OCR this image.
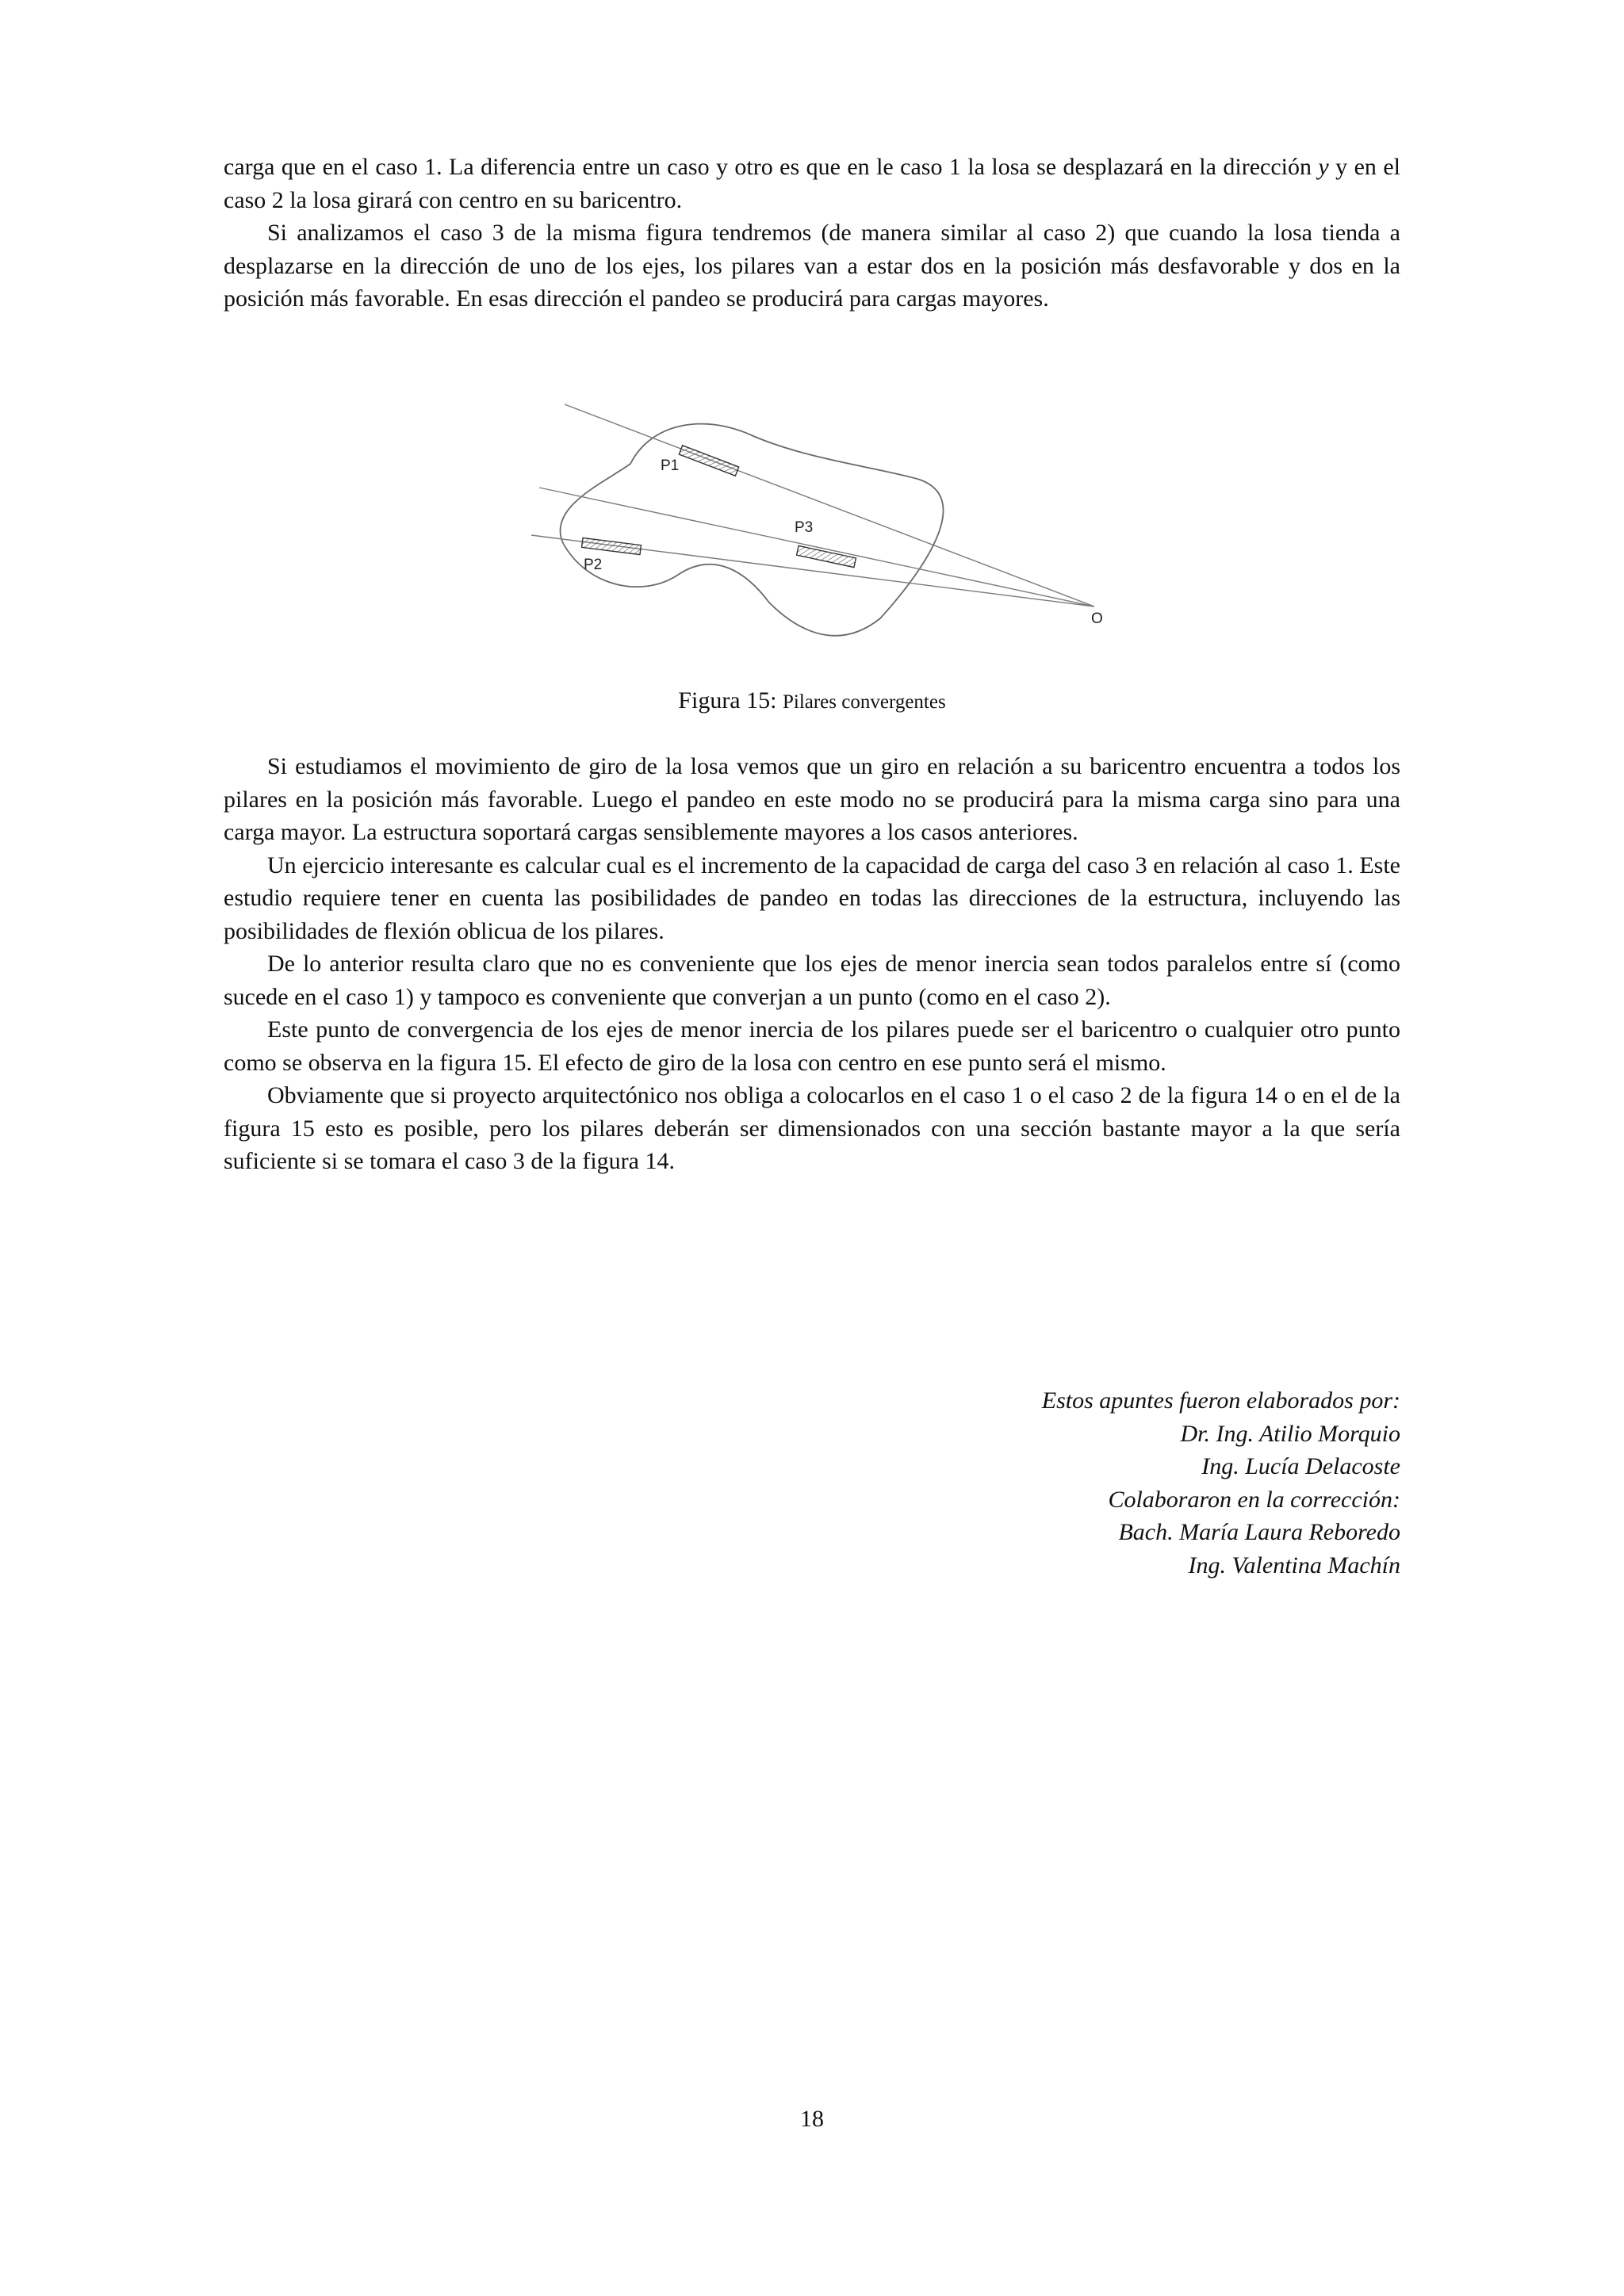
carga que en el caso 1. La diferencia entre un caso y otro es que en le caso 1 la losa se desplazará en la dirección y y en el caso 2 la losa girará con centro en su baricentro.

Si analizamos el caso 3 de la misma figura tendremos (de manera similar al caso 2) que cuando la losa tienda a desplazarse en la dirección de uno de los ejes, los pilares van a estar dos en la posición más desfavorable y dos en la posición más favorable. En esas dirección el pandeo se producirá para cargas mayores.

P1
P3
P2
O
Figura 15: Pilares convergentes

Si estudiamos el movimiento de giro de la losa vemos que un giro en relación a su baricentro encuentra a todos los pilares en la posición más favorable. Luego el pandeo en este modo no se producirá para la misma carga sino para una carga mayor. La estructura soportará cargas sensiblemente mayores a los casos anteriores.

Un ejercicio interesante es calcular cual es el incremento de la capacidad de carga del caso 3 en relación al caso 1. Este estudio requiere tener en cuenta las posibilidades de pandeo en todas las direcciones de la estructura, incluyendo las posibilidades de flexión oblicua de los pilares.

De lo anterior resulta claro que no es conveniente que los ejes de menor inercia sean todos paralelos entre sí (como sucede en el caso 1) y tampoco es conveniente que converjan a un punto (como en el caso 2).

Este punto de convergencia de los ejes de menor inercia de los pilares puede ser el baricentro o cualquier otro punto como se observa en la figura 15. El efecto de giro de la losa con centro en ese punto será el mismo.

Obviamente que si proyecto arquitectónico nos obliga a colocarlos en el caso 1 o el caso 2 de la figura 14 o en el de la figura 15 esto es posible, pero los pilares deberán ser dimensionados con una sección bastante mayor a la que sería suficiente si se tomara el caso 3 de la figura 14.

Estos apuntes fueron elaborados por:
Dr. Ing. Atilio Morquio
Ing. Lucía Delacoste
Colaboraron en la corrección:
Bach. María Laura Reboredo
Ing. Valentina Machín
18
